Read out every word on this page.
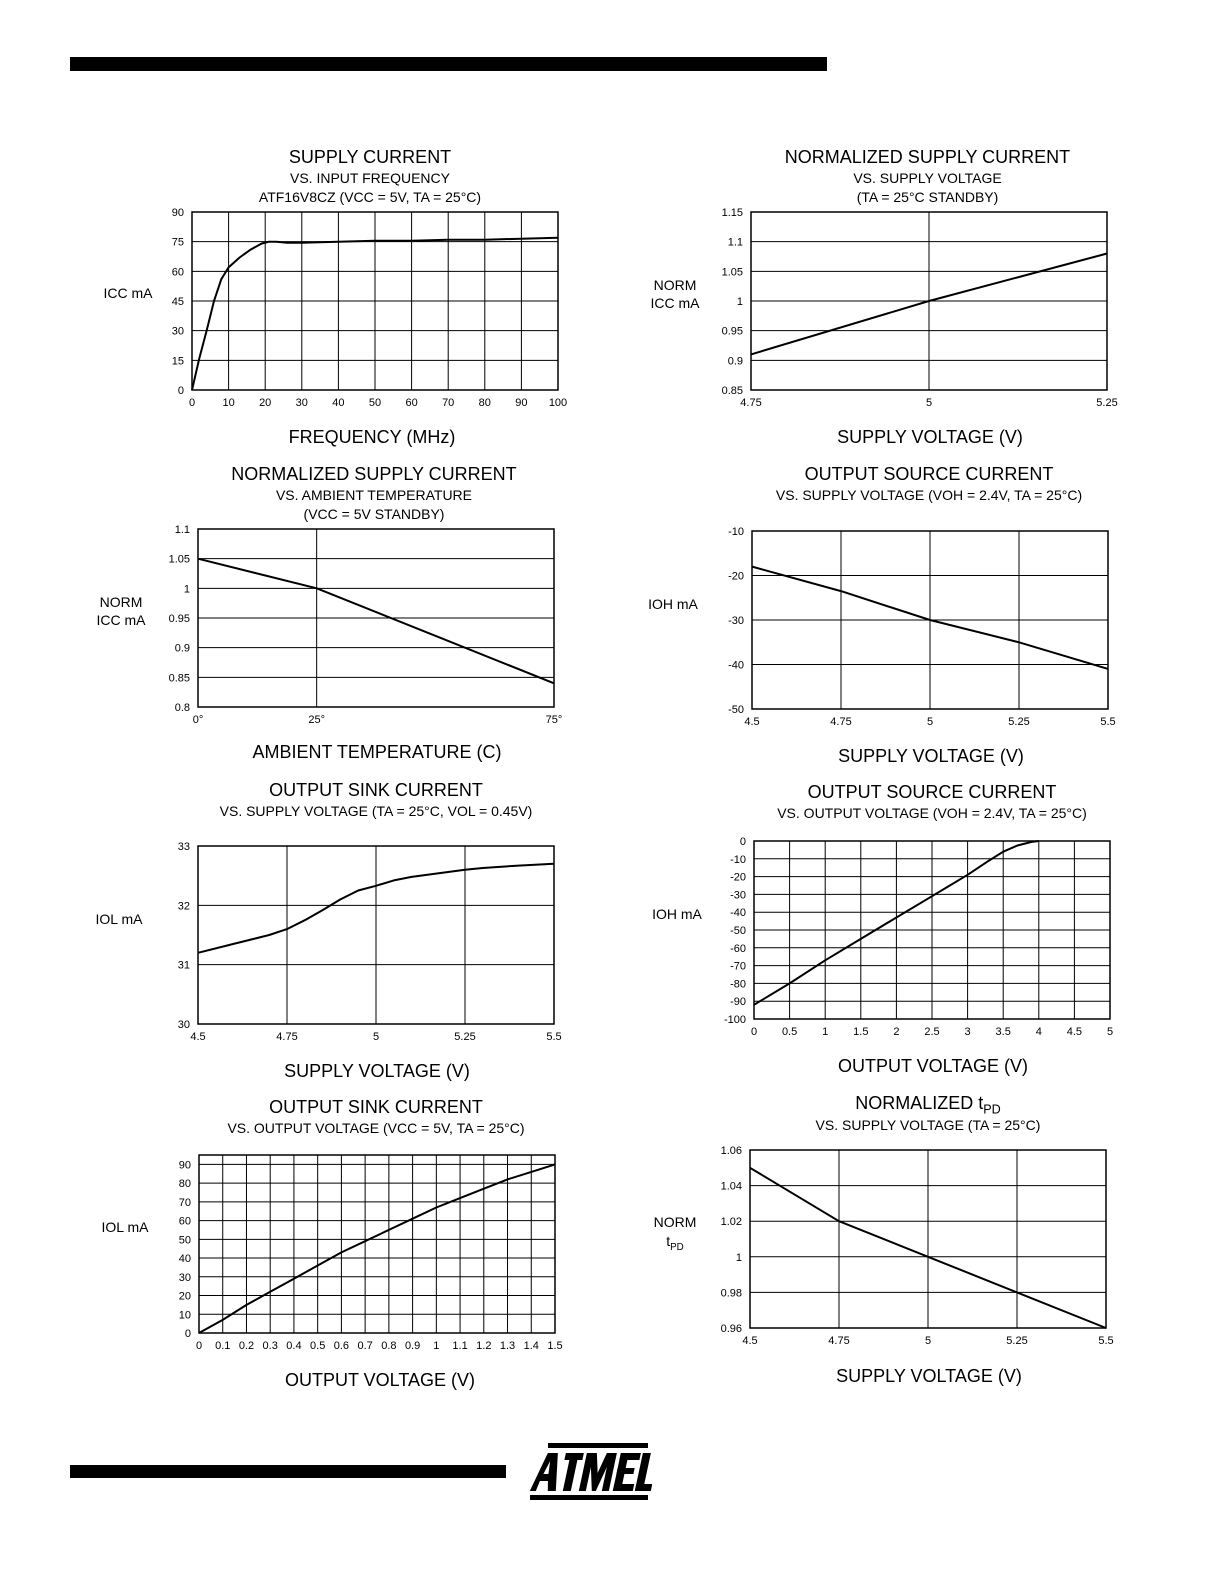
SUPPLY CURRENT
VS. INPUT FREQUENCY
ATF16V8CZ (VCC = 5V, TA = 25°C)
ICC mA
0 10 20 30 40 50 60 70 80 90 100
0
15
30
45
60
75
90
FREQUENCY (MHz)
NORMALIZED SUPPLY CURRENT
VS. SUPPLY VOLTAGE
(TA = 25°C STANDBY)
NORM
ICC mA
4.75	5	5.25
0.85
0.9
0.95
1
1.05
1.1
1.15
SUPPLY VOLTAGE (V)
NORMALIZED SUPPLY CURRENT
VS. AMBIENT TEMPERATURE
(VCC = 5V STANDBY)
NORM
ICC mA
0°	25°	75°
0.8
0.85
0.9
0.95
1
1.05
1.1
AMBIENT TEMPERATURE (C)
OUTPUT SOURCE CURRENT
VS. SUPPLY VOLTAGE (VOH = 2.4V, TA = 25°C)
IOH mA
4.5	4.75	5	5.25	5.5
-50
-40
-30
-20
-10
SUPPLY VOLTAGE (V)
OUTPUT SINK CURRENT
VS. SUPPLY VOLTAGE (TA = 25°C, VOL = 0.45V)
IOL mA
4.5	4.75	5	5.25	5.5
30
31
32
33
SUPPLY VOLTAGE (V)
OUTPUT SOURCE CURRENT
VS. OUTPUT VOLTAGE (VOH = 2.4V, TA = 25°C)
IOH mA
0 0.5 1 1.5 2 2.5 3 3.5 4 4.5 5
-100
-90
-80
-70
-60
-50
-40
-30
-20
-10
0
OUTPUT VOLTAGE (V)
OUTPUT SINK CURRENT
VS. OUTPUT VOLTAGE (VCC = 5V, TA = 25°C)
IOL mA
0 0.1 0.2 0.3 0.4 0.5 0.6 0.7 0.8 0.9 1 1.1 1.2 1.3 1.4 1.5
0
10
20
30
40
50
60
70
80
90
OUTPUT VOLTAGE (V)
NORMALIZED $t_{PD}$
VS. SUPPLY VOLTAGE (TA = 25°C)
NORM
$t_{PD}$
4.5	4.75	5	5.25	5.5
0.96
0.98
1
1.02
1.04
1.06
SUPPLY VOLTAGE (V)
